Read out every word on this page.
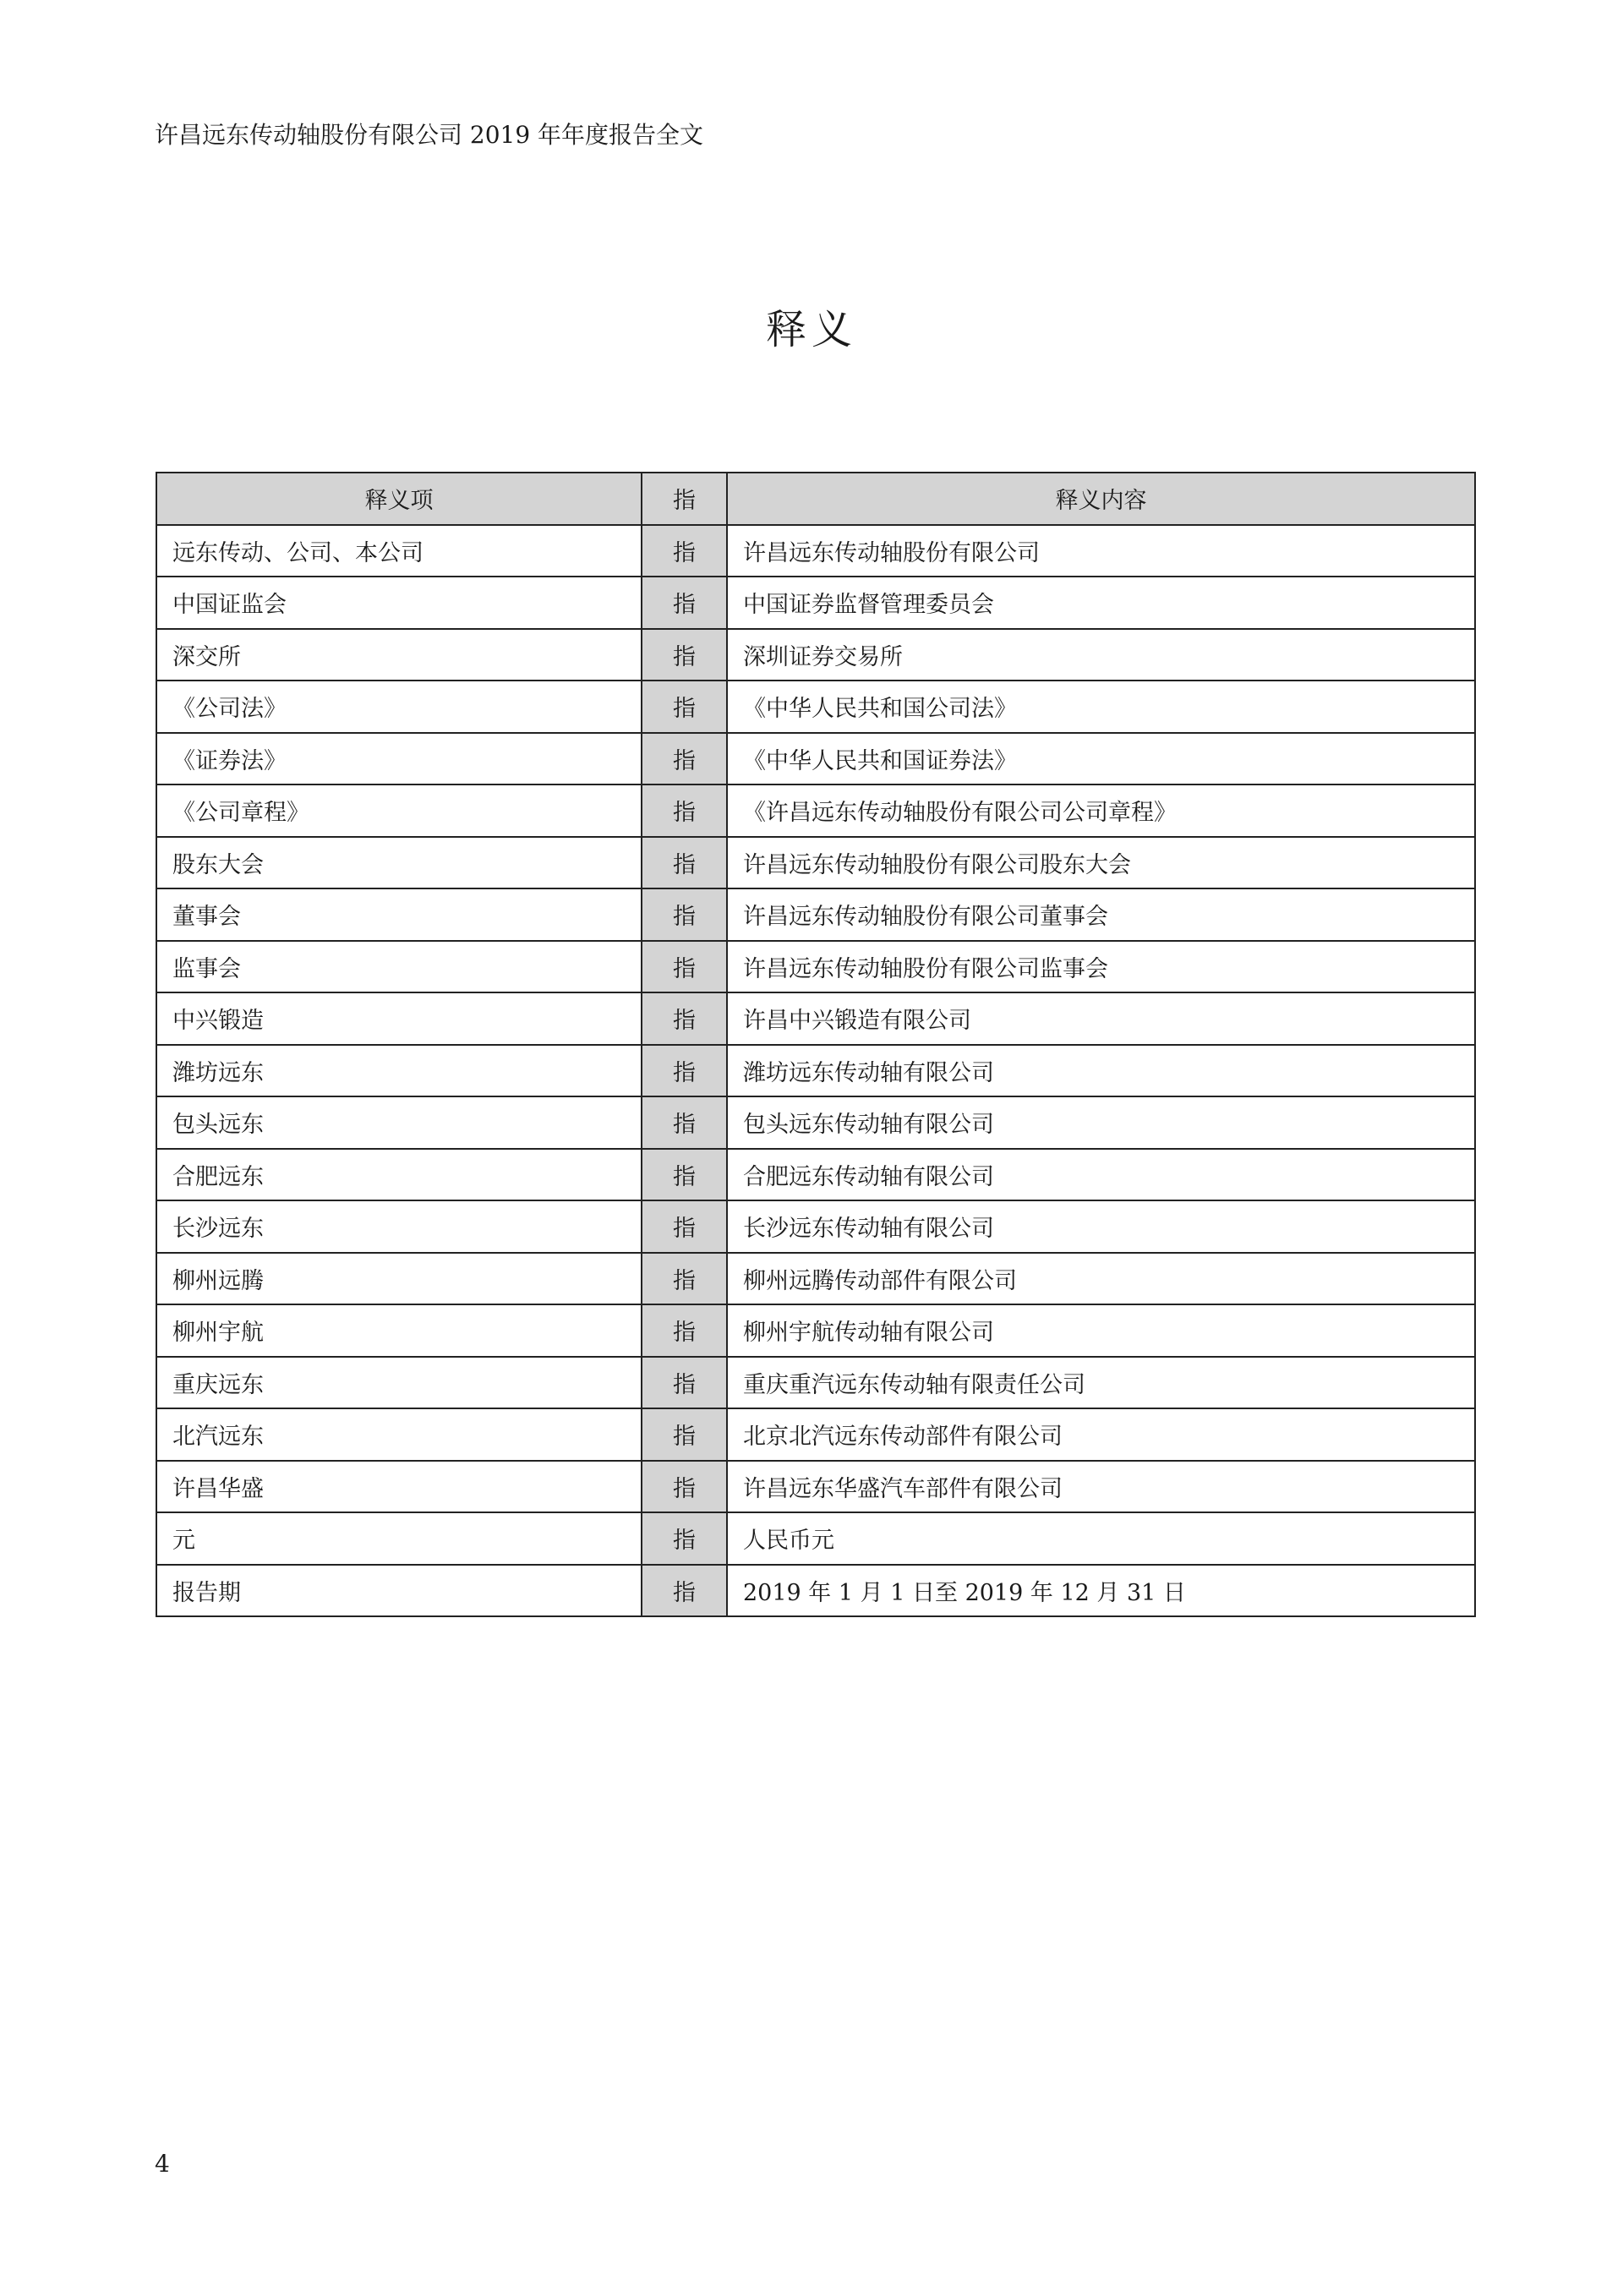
许昌远东传动轴股份有限公司 2019 年年度报告全文
释义
释义项	指	释义内容
远东传动、公司、本公司	指	许昌远东传动轴股份有限公司
中国证监会	指	中国证券监督管理委员会
深交所	指	深圳证券交易所
《公司法》	指	《中华人民共和国公司法》
《证券法》	指	《中华人民共和国证券法》
《公司章程》	指	《许昌远东传动轴股份有限公司公司章程》
股东大会	指	许昌远东传动轴股份有限公司股东大会
董事会	指	许昌远东传动轴股份有限公司董事会
监事会	指	许昌远东传动轴股份有限公司监事会
中兴锻造	指	许昌中兴锻造有限公司
潍坊远东	指	潍坊远东传动轴有限公司
包头远东	指	包头远东传动轴有限公司
合肥远东	指	合肥远东传动轴有限公司
长沙远东	指	长沙远东传动轴有限公司
柳州远腾	指	柳州远腾传动部件有限公司
柳州宇航	指	柳州宇航传动轴有限公司
重庆远东	指	重庆重汽远东传动轴有限责任公司
北汽远东	指	北京北汽远东传动部件有限公司
许昌华盛	指	许昌远东华盛汽车部件有限公司
元	指	人民币元
报告期	指	2019 年 1 月 1 日至 2019 年 12 月 31 日
4
